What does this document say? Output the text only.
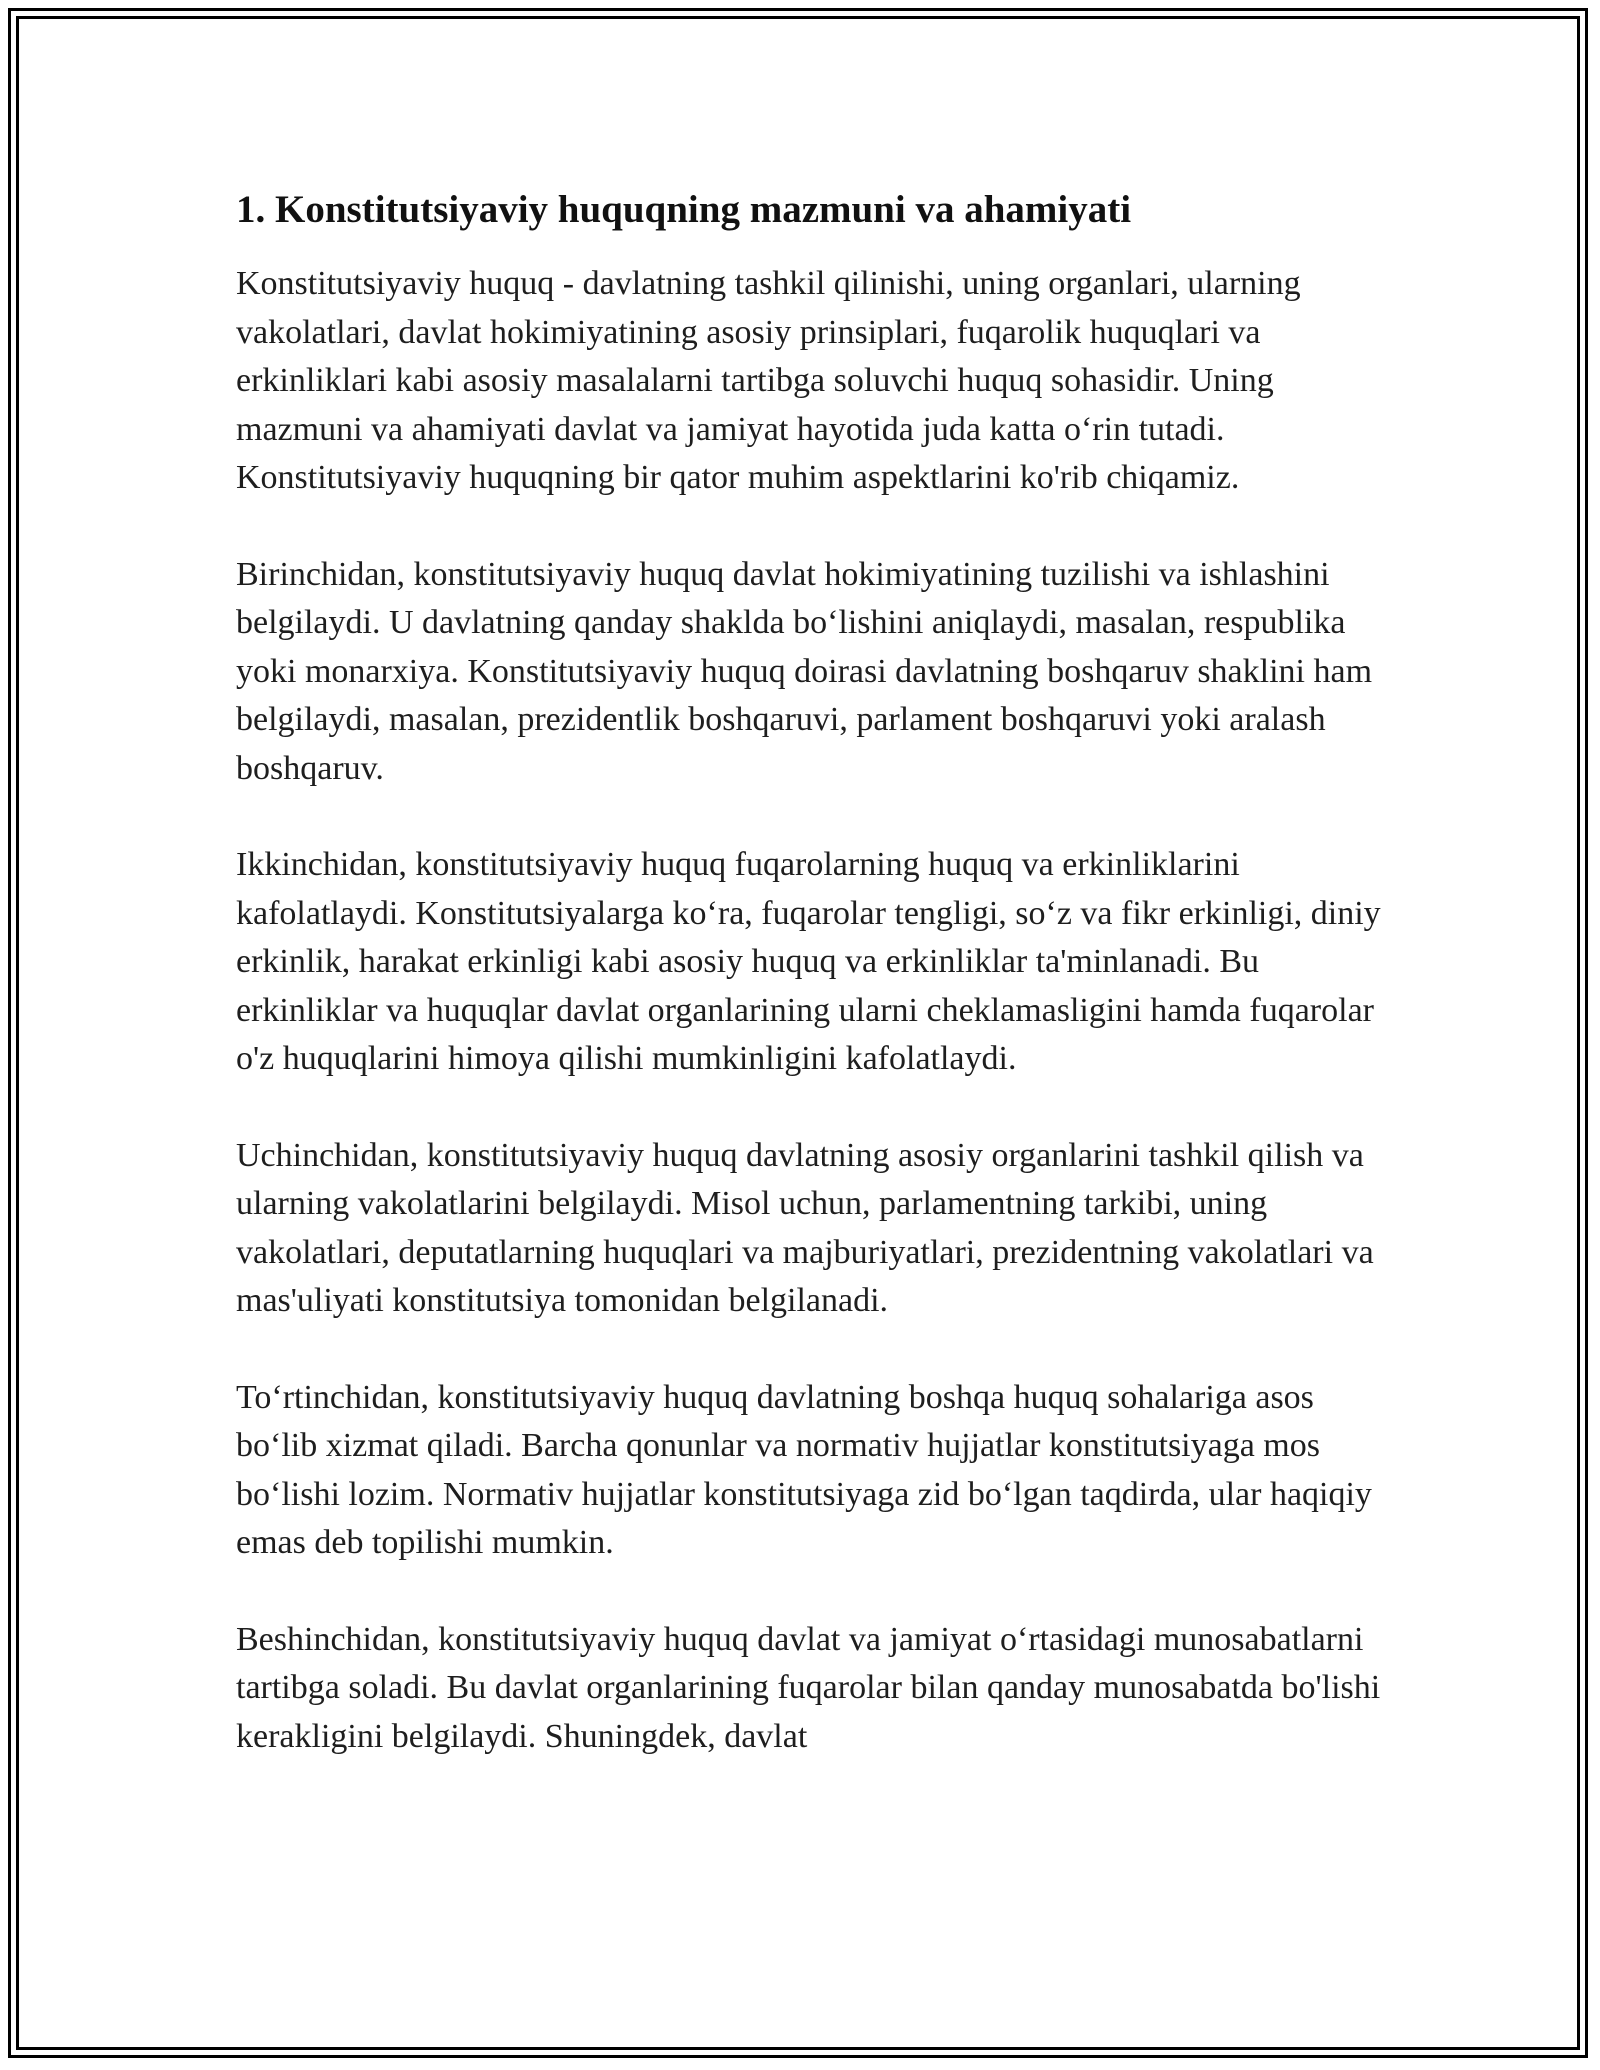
1. Konstitutsiyaviy huquqning mazmuni va ahamiyati

Konstitutsiyaviy huquq - davlatning tashkil qilinishi, uning organlari, ularning vakolatlari, davlat hokimiyatining asosiy prinsiplari, fuqarolik huquqlari va erkinliklari kabi asosiy masalalarni tartibga soluvchi huquq sohasidir. Uning mazmuni va ahamiyati davlat va jamiyat hayotida juda katta oʻrin tutadi. Konstitutsiyaviy huquqning bir qator muhim aspektlarini ko'rib chiqamiz.

Birinchidan, konstitutsiyaviy huquq davlat hokimiyatining tuzilishi va ishlashini belgilaydi. U davlatning qanday shaklda boʻlishini aniqlaydi, masalan, respublika yoki monarxiya. Konstitutsiyaviy huquq doirasi davlatning boshqaruv shaklini ham belgilaydi, masalan, prezidentlik boshqaruvi, parlament boshqaruvi yoki aralash boshqaruv.

Ikkinchidan, konstitutsiyaviy huquq fuqarolarning huquq va erkinliklarini kafolatlaydi. Konstitutsiyalarga koʻra, fuqarolar tengligi, soʻz va fikr erkinligi, diniy erkinlik, harakat erkinligi kabi asosiy huquq va erkinliklar ta'minlanadi. Bu erkinliklar va huquqlar davlat organlarining ularni cheklamasligini hamda fuqarolar o'z huquqlarini himoya qilishi mumkinligini kafolatlaydi.

Uchinchidan, konstitutsiyaviy huquq davlatning asosiy organlarini tashkil qilish va ularning vakolatlarini belgilaydi. Misol uchun, parlamentning tarkibi, uning vakolatlari, deputatlarning huquqlari va majburiyatlari, prezidentning vakolatlari va mas'uliyati konstitutsiya tomonidan belgilanadi.

Toʻrtinchidan, konstitutsiyaviy huquq davlatning boshqa huquq sohalariga asos boʻlib xizmat qiladi. Barcha qonunlar va normativ hujjatlar konstitutsiyaga mos boʻlishi lozim. Normativ hujjatlar konstitutsiyaga zid boʻlgan taqdirda, ular haqiqiy emas deb topilishi mumkin.

Beshinchidan, konstitutsiyaviy huquq davlat va jamiyat oʻrtasidagi munosabatlarni tartibga soladi. Bu davlat organlarining fuqarolar bilan qanday munosabatda bo'lishi kerakligini belgilaydi. Shuningdek, davlat
